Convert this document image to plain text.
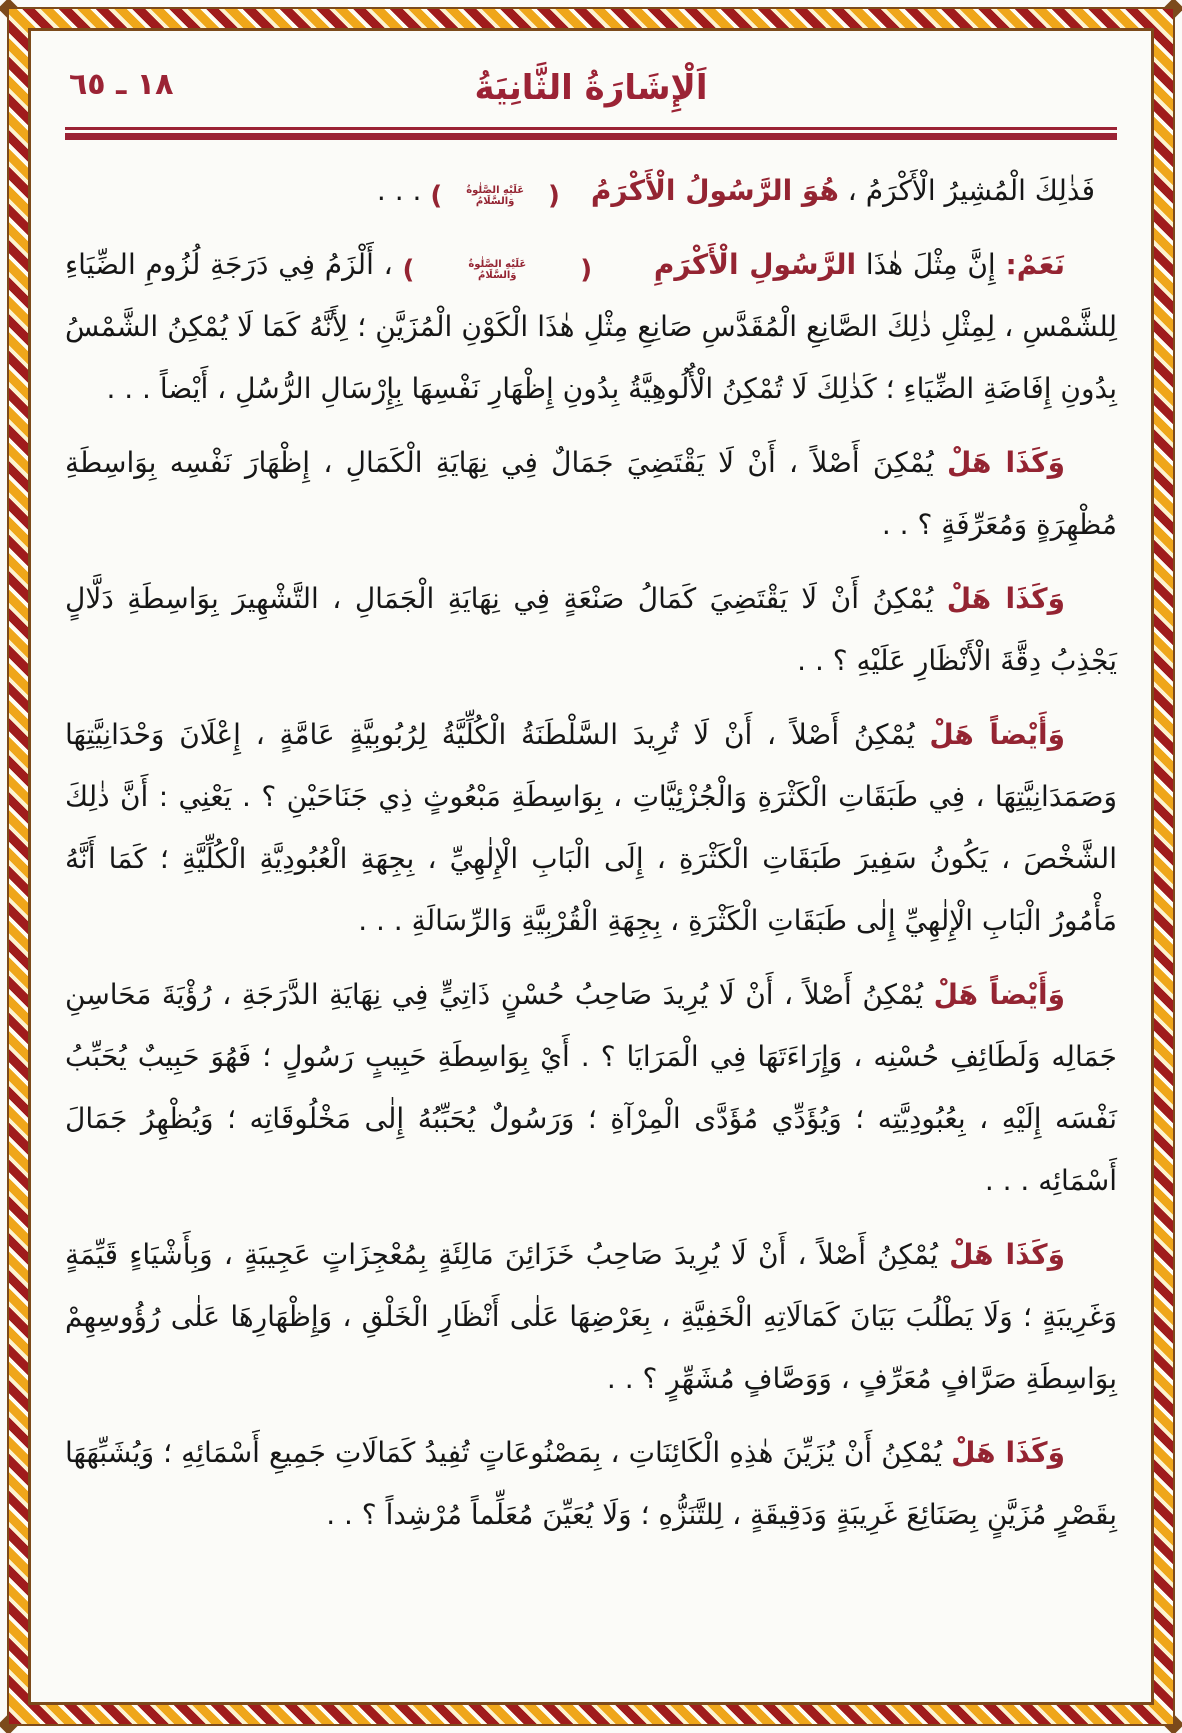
١٨ ـ ٦٥	اَلْإِشَارَةُ الثَّانِيَةُ

فَذٰلِكَ الْمُشِيرُ الْأَكْرَمُ ، هُوَ الرَّسُولُ الْأَكْرَمُ
(
عَلَيْهِ الصَّلٰوةُ
وَالسَّلَامُ
)
. . .

نَعَمْ: إِنَّ مِثْلَ هٰذَا الرَّسُولِ الْأَكْرَمِ
(
عَلَيْهِ الصَّلٰوةُ
وَالسَّلَامُ
)
، أَلْزَمُ فِي دَرَجَةِ لُزُومِ الضِّيَاءِ لِلشَّمْسِ ، لِمِثْلِ ذٰلِكَ الصَّانِعِ الْمُقَدَّسِ صَانِعِ مِثْلِ هٰذَا الْكَوْنِ الْمُزَيَّنِ ؛ لِأَنَّهُ كَمَا لَا يُمْكِنُ الشَّمْسُ بِدُونِ إِفَاضَةِ الضِّيَاءِ ؛ كَذٰلِكَ لَا تُمْكِنُ الْأُلُوهِيَّةُ بِدُونِ إِظْهَارِ نَفْسِهَا بِإِرْسَالِ الرُّسُلِ ، أَيْضاً . . .

وَكَذَا هَلْ يُمْكِنَ أَصْلاً ، أَنْ لَا يَقْتَضِيَ جَمَالٌ فِي نِهَايَةِ الْكَمَالِ ، إِظْهَارَ نَفْسِه بِوَاسِطَةِ مُظْهِرَةٍ وَمُعَرِّفَةٍ ؟ . .

وَكَذَا هَلْ يُمْكِنُ أَنْ لَا يَقْتَضِيَ كَمَالُ صَنْعَةٍ فِي نِهَايَةِ الْجَمَالِ ، التَّشْهِيرَ بِوَاسِطَةِ دَلَّالٍ يَجْذِبُ دِقَّةَ الْأَنْظَارِ عَلَيْهِ ؟ . .

وَأَيْضاً هَلْ يُمْكِنُ أَصْلاً ، أَنْ لَا تُرِيدَ السَّلْطَنَةُ الْكُلِّيَّةُ لِرُبُوبِيَّةٍ عَامَّةٍ ، إِعْلَانَ وَحْدَانِيَّتِهَا وَصَمَدَانِيَّتِهَا ، فِي طَبَقَاتِ الْكَثْرَةِ وَالْجُزْئِيَّاتِ ، بِوَاسِطَةِ مَبْعُوثٍ ذِي جَنَاحَيْنِ ؟ . يَعْنِي : أَنَّ ذٰلِكَ الشَّخْصَ ، يَكُونُ سَفِيرَ طَبَقَاتِ الْكَثْرَةِ ، إِلَى الْبَابِ الْإِلٰهِيِّ ، بِجِهَةِ الْعُبُودِيَّةِ الْكُلِّيَّةِ ؛ كَمَا أَنَّهُ مَأْمُورُ الْبَابِ الْإِلٰهِيِّ إِلٰى طَبَقَاتِ الْكَثْرَةِ ، بِجِهَةِ الْقُرْبِيَّةِ وَالرِّسَالَةِ . . .

وَأَيْضاً هَلْ يُمْكِنُ أَصْلاً ، أَنْ لَا يُرِيدَ صَاحِبُ حُسْنٍ ذَاتِيٍّ فِي نِهَايَةِ الدَّرَجَةِ ، رُؤْيَةَ مَحَاسِنِ جَمَالِه وَلَطَائِفِ حُسْنِه ، وَإِرَاءَتَهَا فِي الْمَرَايَا ؟ . أَيْ بِوَاسِطَةِ حَبِيبٍ رَسُولٍ ؛ فَهُوَ حَبِيبٌ يُحَبِّبُ نَفْسَه إِلَيْهِ ، بِعُبُودِيَّتِه ؛ وَيُؤَدِّي مُؤَدَّى الْمِرْآةِ ؛ وَرَسُولٌ يُحَبِّبُهُ إِلٰى مَخْلُوقَاتِه ؛ وَيُظْهِرُ جَمَالَ أَسْمَائِه . . .

وَكَذَا هَلْ يُمْكِنُ أَصْلاً ، أَنْ لَا يُرِيدَ صَاحِبُ خَزَائِنَ مَالِئَةٍ بِمُعْجِزَاتٍ عَجِيبَةٍ ، وَبِأَشْيَاءٍ قَيِّمَةٍ وَغَرِيبَةٍ ؛ وَلَا يَطْلُبَ بَيَانَ كَمَالَاتِهِ الْخَفِيَّةِ ، بِعَرْضِهَا عَلٰى أَنْظَارِ الْخَلْقِ ، وَإِظْهَارِهَا عَلٰى رُؤُوسِهِمْ بِوَاسِطَةِ صَرَّافٍ مُعَرِّفٍ ، وَوَصَّافٍ مُشَهِّرٍ ؟ . .

وَكَذَا هَلْ يُمْكِنُ أَنْ يُزَيِّنَ هٰذِهِ الْكَائِنَاتِ ، بِمَصْنُوعَاتٍ تُفِيدُ كَمَالَاتِ جَمِيعِ أَسْمَائِهِ ؛ وَيُشَبِّهَهَا بِقَصْرٍ مُزَيَّنٍ بِصَنَائِعَ غَرِيبَةٍ وَدَقِيقَةٍ ، لِلتَّنَزُّهِ ؛ وَلَا يُعَيِّنَ مُعَلِّماً مُرْشِداً ؟ . .
